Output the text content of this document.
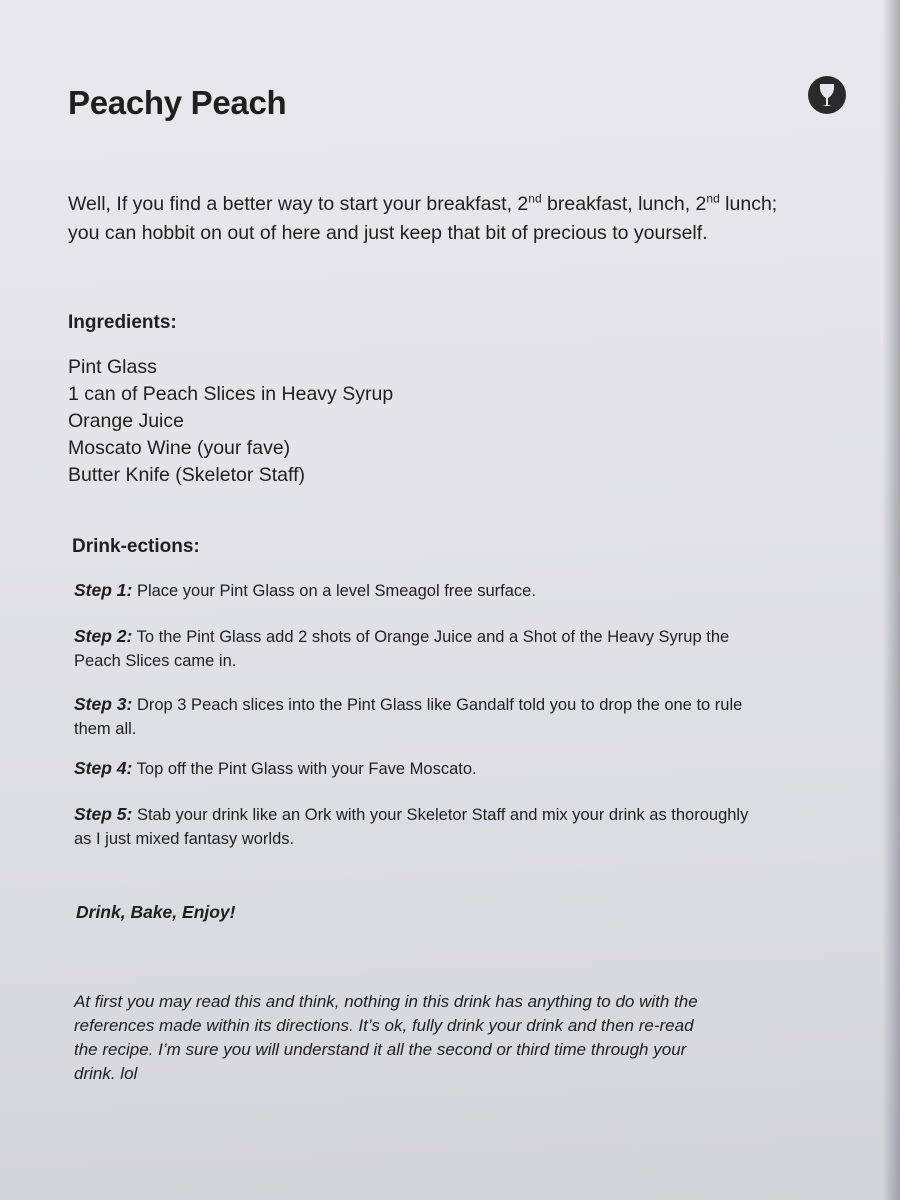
Peachy Peach
Well, If you find a better way to start your breakfast, 2nd breakfast, lunch, 2nd lunch;
you can hobbit on out of here and just keep that bit of precious to yourself.
Ingredients:
Pint Glass
1 can of Peach Slices in Heavy Syrup
Orange Juice
Moscato Wine (your fave)
Butter Knife (Skeletor Staff)
Drink-ections:

Step 1: Place your Pint Glass on a level Smeagol free surface.

Step 2: To the Pint Glass add 2 shots of Orange Juice and a Shot of the Heavy Syrup the
Peach Slices came in.

Step 3: Drop 3 Peach slices into the Pint Glass like Gandalf told you to drop the one to rule
them all.

Step 4: Top off the Pint Glass with your Fave Moscato.

Step 5: Stab your drink like an Ork with your Skeletor Staff and mix your drink as thoroughly
as I just mixed fantasy worlds.

Drink, Bake, Enjoy!

At first you may read this and think, nothing in this drink has anything to do with the
references made within its directions. It’s ok, fully drink your drink and then re-read
the recipe. I’m sure you will understand it all the second or third time through your
drink. lol
